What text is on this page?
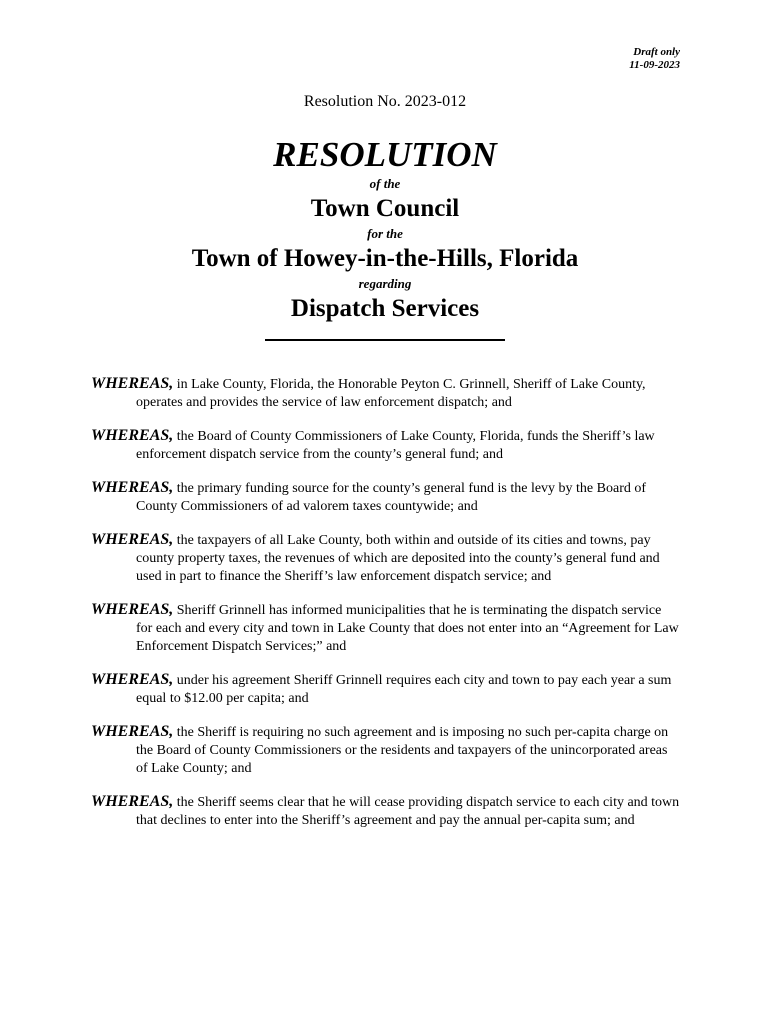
Draft only
11-09-2023
Resolution No. 2023-012
RESOLUTION
of the
Town Council
for the
Town of Howey-in-the-Hills, Florida
regarding
Dispatch Services
WHEREAS, in Lake County, Florida, the Honorable Peyton C. Grinnell, Sheriff of Lake County, operates and provides the service of law enforcement dispatch; and
WHEREAS, the Board of County Commissioners of Lake County, Florida, funds the Sheriff’s law enforcement dispatch service from the county’s general fund; and
WHEREAS, the primary funding source for the county’s general fund is the levy by the Board of County Commissioners of ad valorem taxes countywide; and
WHEREAS, the taxpayers of all Lake County, both within and outside of its cities and towns, pay county property taxes, the revenues of which are deposited into the county’s general fund and used in part to finance the Sheriff’s law enforcement dispatch service; and
WHEREAS, Sheriff Grinnell has informed municipalities that he is terminating the dispatch service for each and every city and town in Lake County that does not enter into an “Agreement for Law Enforcement Dispatch Services;” and
WHEREAS, under his agreement Sheriff Grinnell requires each city and town to pay each year a sum equal to $12.00 per capita; and
WHEREAS, the Sheriff is requiring no such agreement and is imposing no such per-capita charge on the Board of County Commissioners or the residents and taxpayers of the unincorporated areas of Lake County; and
WHEREAS, the Sheriff seems clear that he will cease providing dispatch service to each city and town that declines to enter into the Sheriff’s agreement and pay the annual per-capita sum; and
